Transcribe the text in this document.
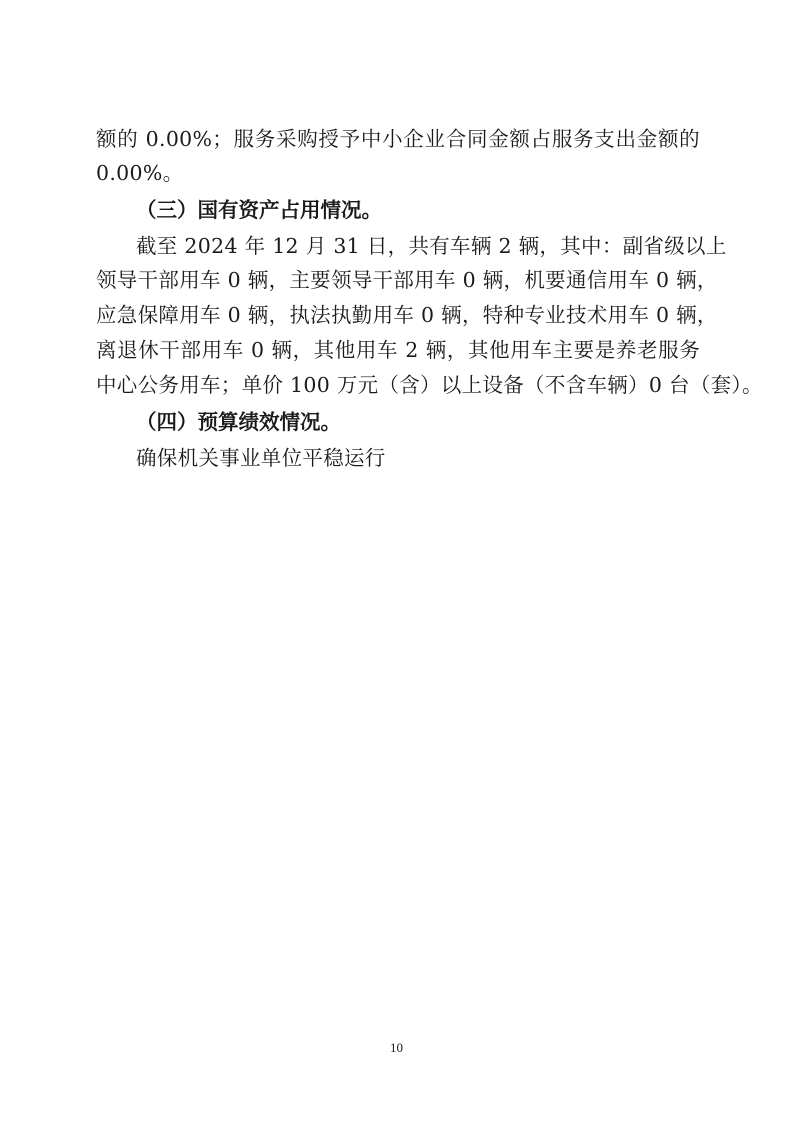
额的 0.00%；服务采购授予中小企业合同金额占服务支出金额的
0.00%。
（三）国有资产占用情况。
截至 2024 年 12 月 31 日，共有车辆 2 辆，其中：副省级以上
领导干部用车 0 辆，主要领导干部用车 0 辆，机要通信用车 0 辆，
应急保障用车 0 辆，执法执勤用车 0 辆，特种专业技术用车 0 辆，
离退休干部用车 0 辆，其他用车 2 辆，其他用车主要是养老服务
中心公务用车；单价 100 万元（含）以上设备（不含车辆）0 台（套）。
（四）预算绩效情况。
确保机关事业单位平稳运行
10
